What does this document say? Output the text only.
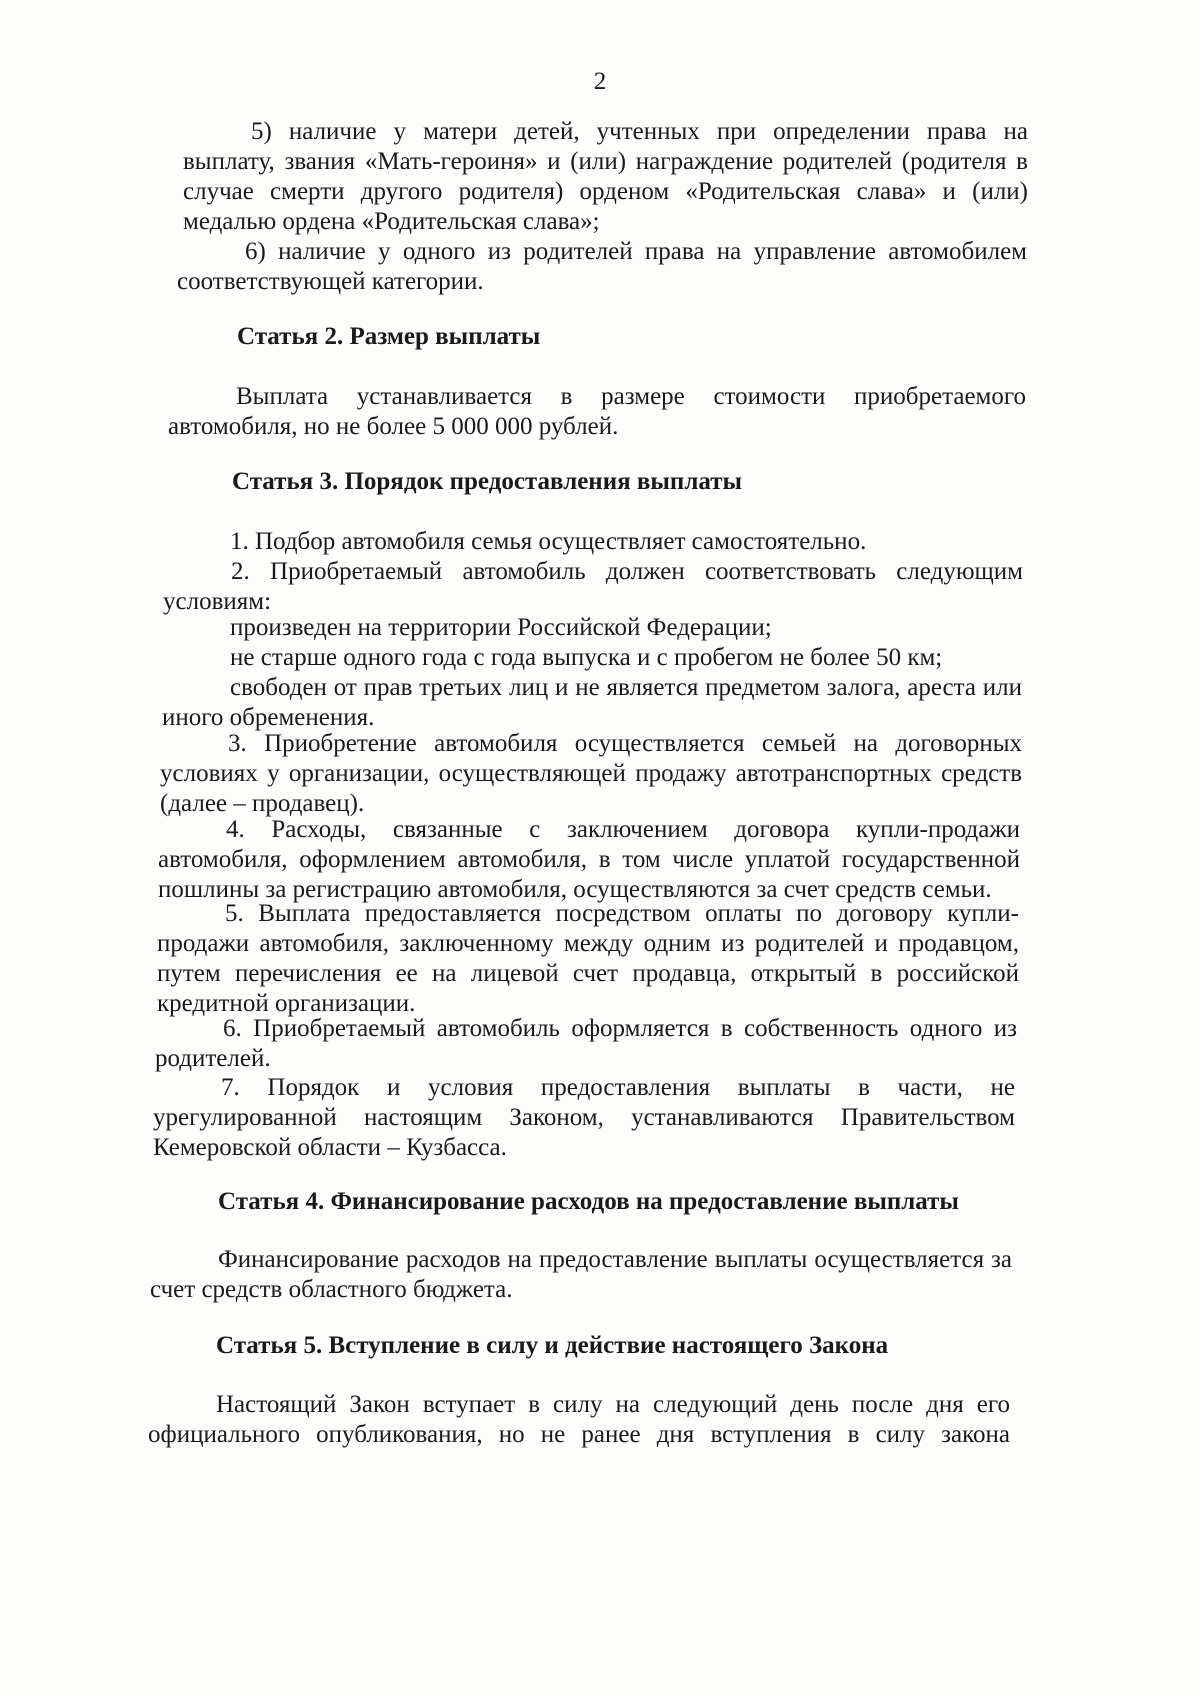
2
5) наличие у матери детей, учтенных при определении права на выплату, звания «Мать-героиня» и (или) награждение родителей (родителя в случае смерти другого родителя) орденом «Родительская слава» и (или) медалью ордена «Родительская слава»;
6) наличие у одного из родителей права на управление автомобилем соответствующей категории.
Статья 2. Размер выплаты
Выплата устанавливается в размере стоимости приобретаемого автомобиля, но не более 5 000 000 рублей.
Статья 3. Порядок предоставления выплаты
1. Подбор автомобиля семья осуществляет самостоятельно.
2. Приобретаемый автомобиль должен соответствовать следующим условиям:
произведен на территории Российской Федерации;
не старше одного года с года выпуска и с пробегом не более 50 км;
свободен от прав третьих лиц и не является предметом залога, ареста или иного обременения.
3. Приобретение автомобиля осуществляется семьей на договорных условиях у организации, осуществляющей продажу автотранспортных средств (далее – продавец).
4. Расходы, связанные с заключением договора купли-продажи автомобиля, оформлением автомобиля, в том числе уплатой государственной пошлины за регистрацию автомобиля, осуществляются за счет средств семьи.
5. Выплата предоставляется посредством оплаты по договору купли-продажи автомобиля, заключенному между одним из родителей и продавцом, путем перечисления ее на лицевой счет продавца, открытый в российской кредитной организации.
6. Приобретаемый автомобиль оформляется в собственность одного из родителей.
7. Порядок и условия предоставления выплаты в части, не урегулированной настоящим Законом, устанавливаются Правительством Кемеровской области – Кузбасса.
Статья 4. Финансирование расходов на предоставление выплаты
Финансирование расходов на предоставление выплаты осуществляется за счет средств областного бюджета.
Статья 5. Вступление в силу и действие настоящего Закона
Настоящий Закон вступает в силу на следующий день после дня его официального опубликования, но не ранее дня вступления в силу закона
